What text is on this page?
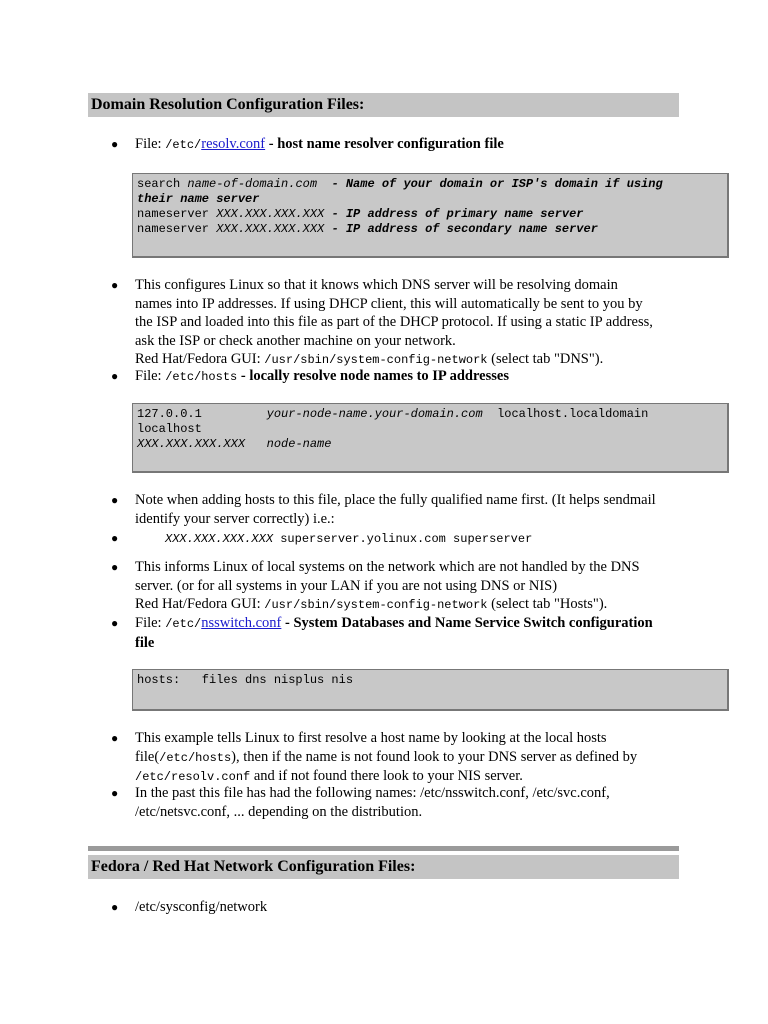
Domain Resolution Configuration Files:
● File: /etc/resolv.conf - host name resolver configuration file
search name-of-domain.com  - Name of your domain or ISP's domain if using
their name server
nameserver XXX.XXX.XXX.XXX - IP address of primary name server
nameserver XXX.XXX.XXX.XXX - IP address of secondary name server
● This configures Linux so that it knows which DNS server will be resolving domain
names into IP addresses. If using DHCP client, this will automatically be sent to you by
the ISP and loaded into this file as part of the DHCP protocol. If using a static IP address,
ask the ISP or check another machine on your network.
Red Hat/Fedora GUI: /usr/sbin/system-config-network (select tab "DNS").
● File: /etc/hosts - locally resolve node names to IP addresses
127.0.0.1         your-node-name.your-domain.com  localhost.localdomain
localhost
XXX.XXX.XXX.XXX   node-name
● Note when adding hosts to this file, place the fully qualified name first. (It helps sendmail
identify your server correctly) i.e.:
●	XXX.XXX.XXX.XXX superserver.yolinux.com superserver
● This informs Linux of local systems on the network which are not handled by the DNS
server. (or for all systems in your LAN if you are not using DNS or NIS)
Red Hat/Fedora GUI: /usr/sbin/system-config-network (select tab "Hosts").
● File: /etc/nsswitch.conf - System Databases and Name Service Switch configuration
file
hosts:   files dns nisplus nis
● This example tells Linux to first resolve a host name by looking at the local hosts
file(/etc/hosts), then if the name is not found look to your DNS server as defined by
/etc/resolv.conf and if not found there look to your NIS server.
● In the past this file has had the following names: /etc/nsswitch.conf, /etc/svc.conf,
/etc/netsvc.conf, ... depending on the distribution.
Fedora / Red Hat Network Configuration Files:
● /etc/sysconfig/network
